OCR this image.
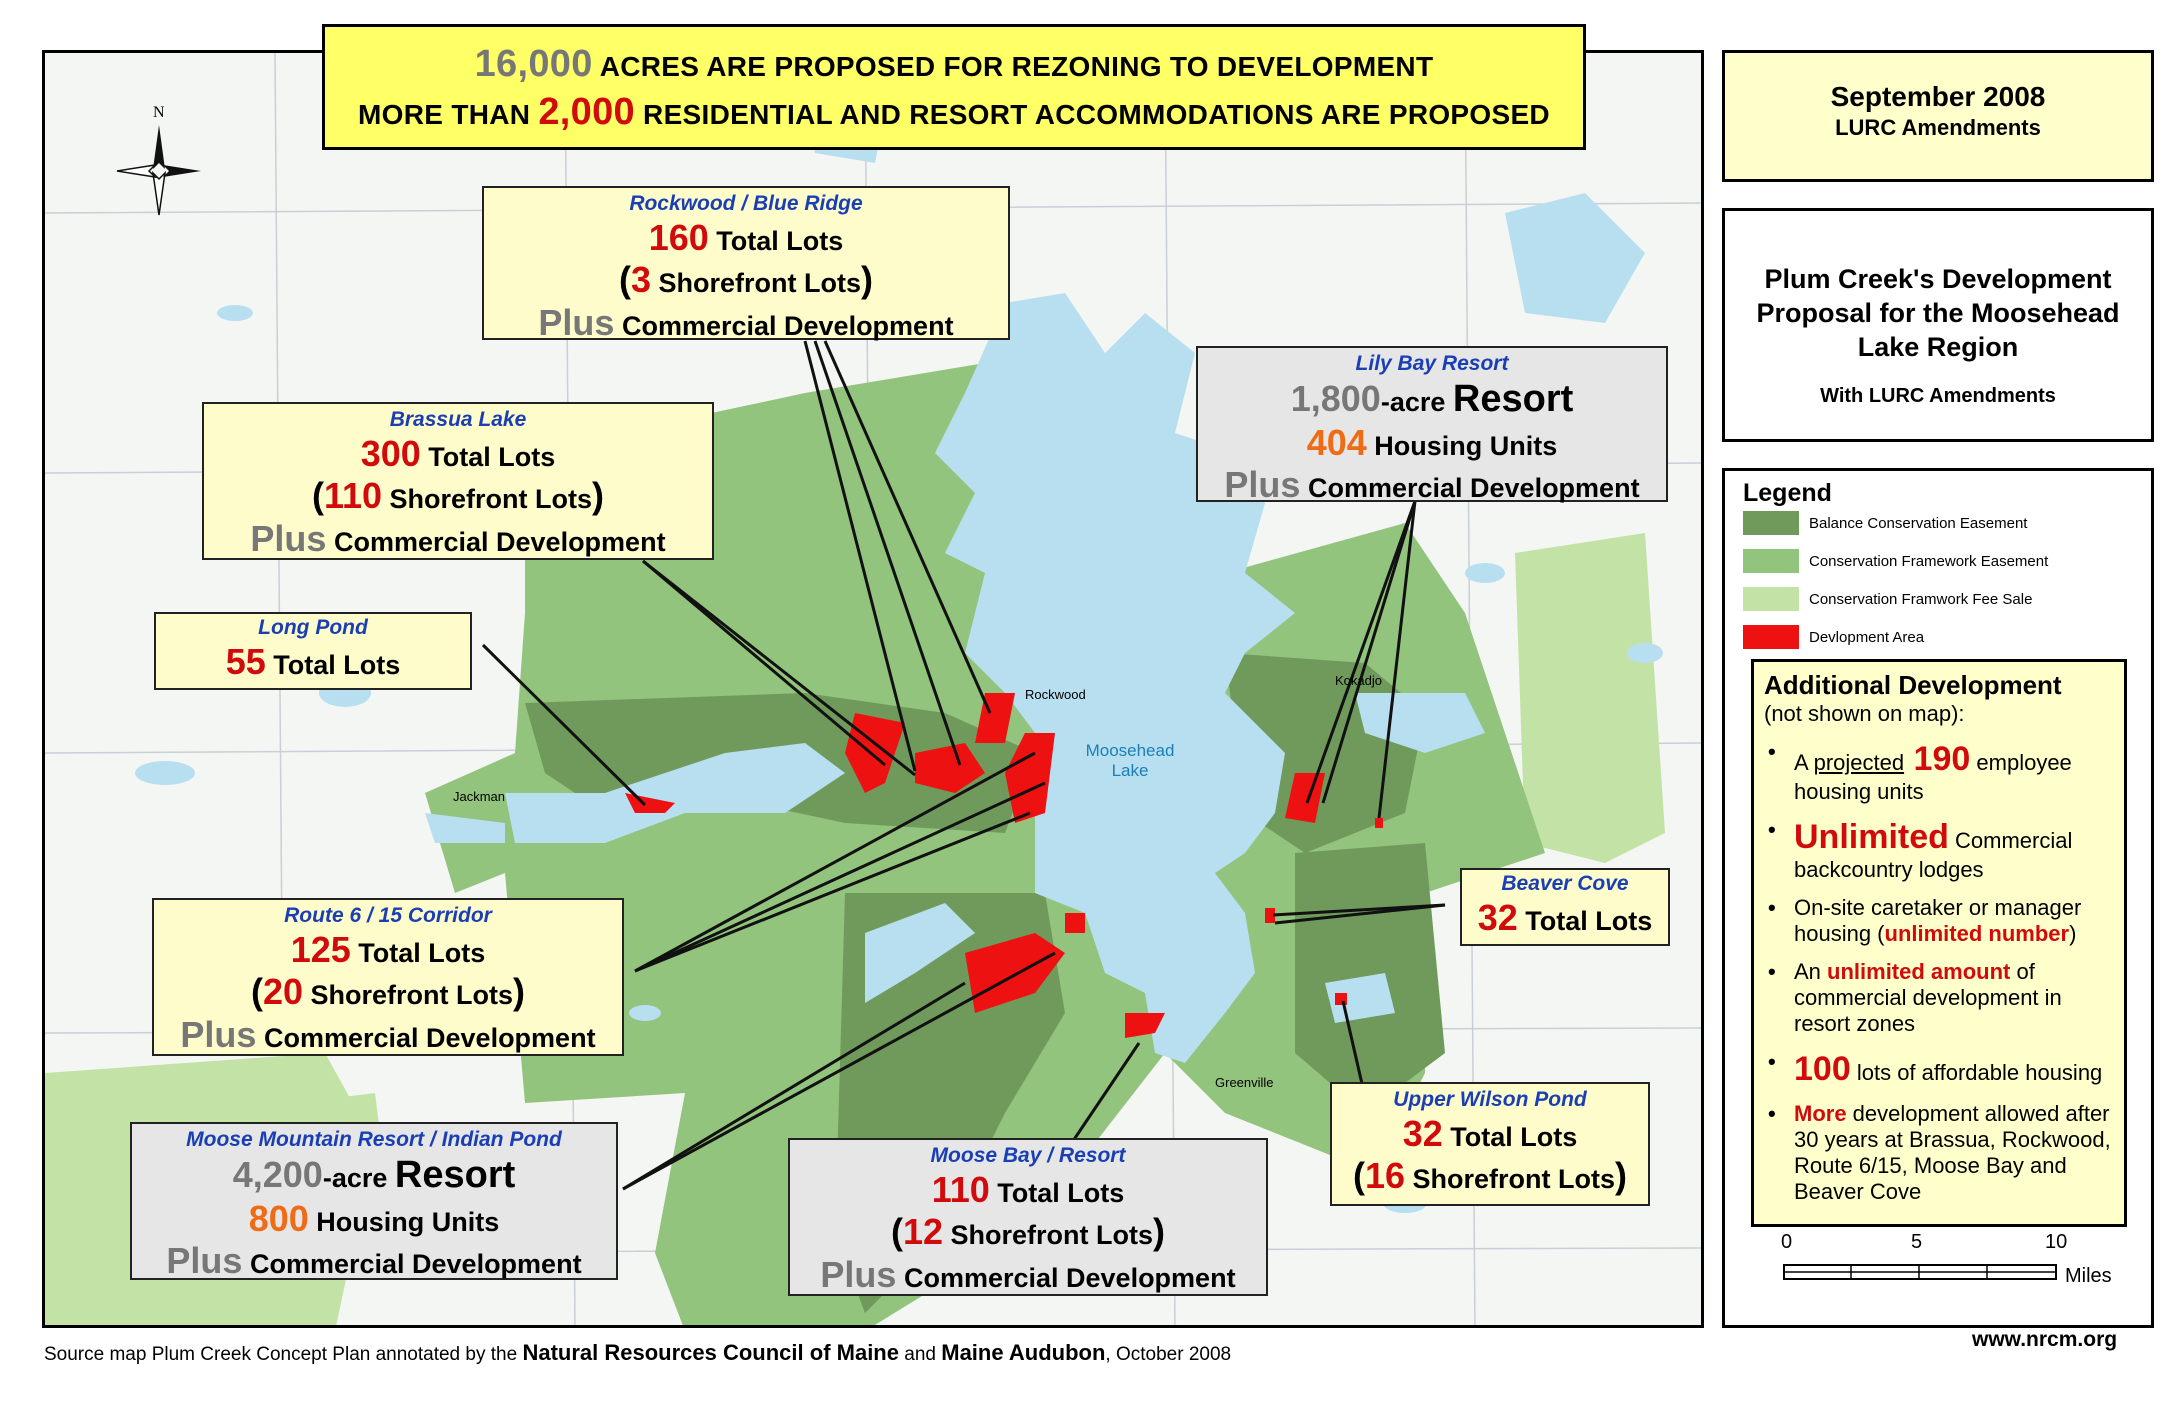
N
Rockwood
Kokadjo
Jackman
Greenville
Moosehead
Lake
16,000 ACRES ARE PROPOSED FOR REZONING TO DEVELOPMENT
MORE THAN 2,000 RESIDENTIAL AND RESORT ACCOMMODATIONS ARE PROPOSED
Rockwood / Blue Ridge
160 Total Lots
(3 Shorefront Lots)
Plus Commercial Development
Brassua Lake
300 Total Lots
(110 Shorefront Lots)
Plus Commercial Development
Long Pond
55 Total Lots
Lily Bay Resort
1,800-acre Resort
404 Housing Units
Plus Commercial Development
Beaver Cove
32 Total Lots
Route 6 / 15 Corridor
125 Total Lots
(20 Shorefront Lots)
Plus Commercial Development
Moose Mountain Resort / Indian Pond
4,200-acre Resort
800 Housing Units
Plus Commercial Development
Moose Bay / Resort
110 Total Lots
(12 Shorefront Lots)
Plus Commercial Development
Upper Wilson Pond
32 Total Lots
(16 Shorefront Lots)
September 2008
LURC Amendments
Plum Creek's Development Proposal for the Moosehead Lake Region
With LURC Amendments
Legend
Balance Conservation Easement
Conservation Framework Easement
Conservation Framwork Fee Sale
Devlopment Area
Additional Development
(not shown on map):
• A projected 190 employee housing units
• Unlimited Commercial backcountry lodges
• On-site caretaker or manager housing (unlimited number)
• An unlimited amount of commercial development in resort zones
• 100 lots of affordable housing
• More development allowed after 30 years at Brassua, Rockwood, Route 6/15, Moose Bay and Beaver Cove
0	5	10
Miles
Source map Plum Creek Concept Plan annotated by the Natural Resources Council of Maine and Maine Audubon, October 2008
www.nrcm.org
